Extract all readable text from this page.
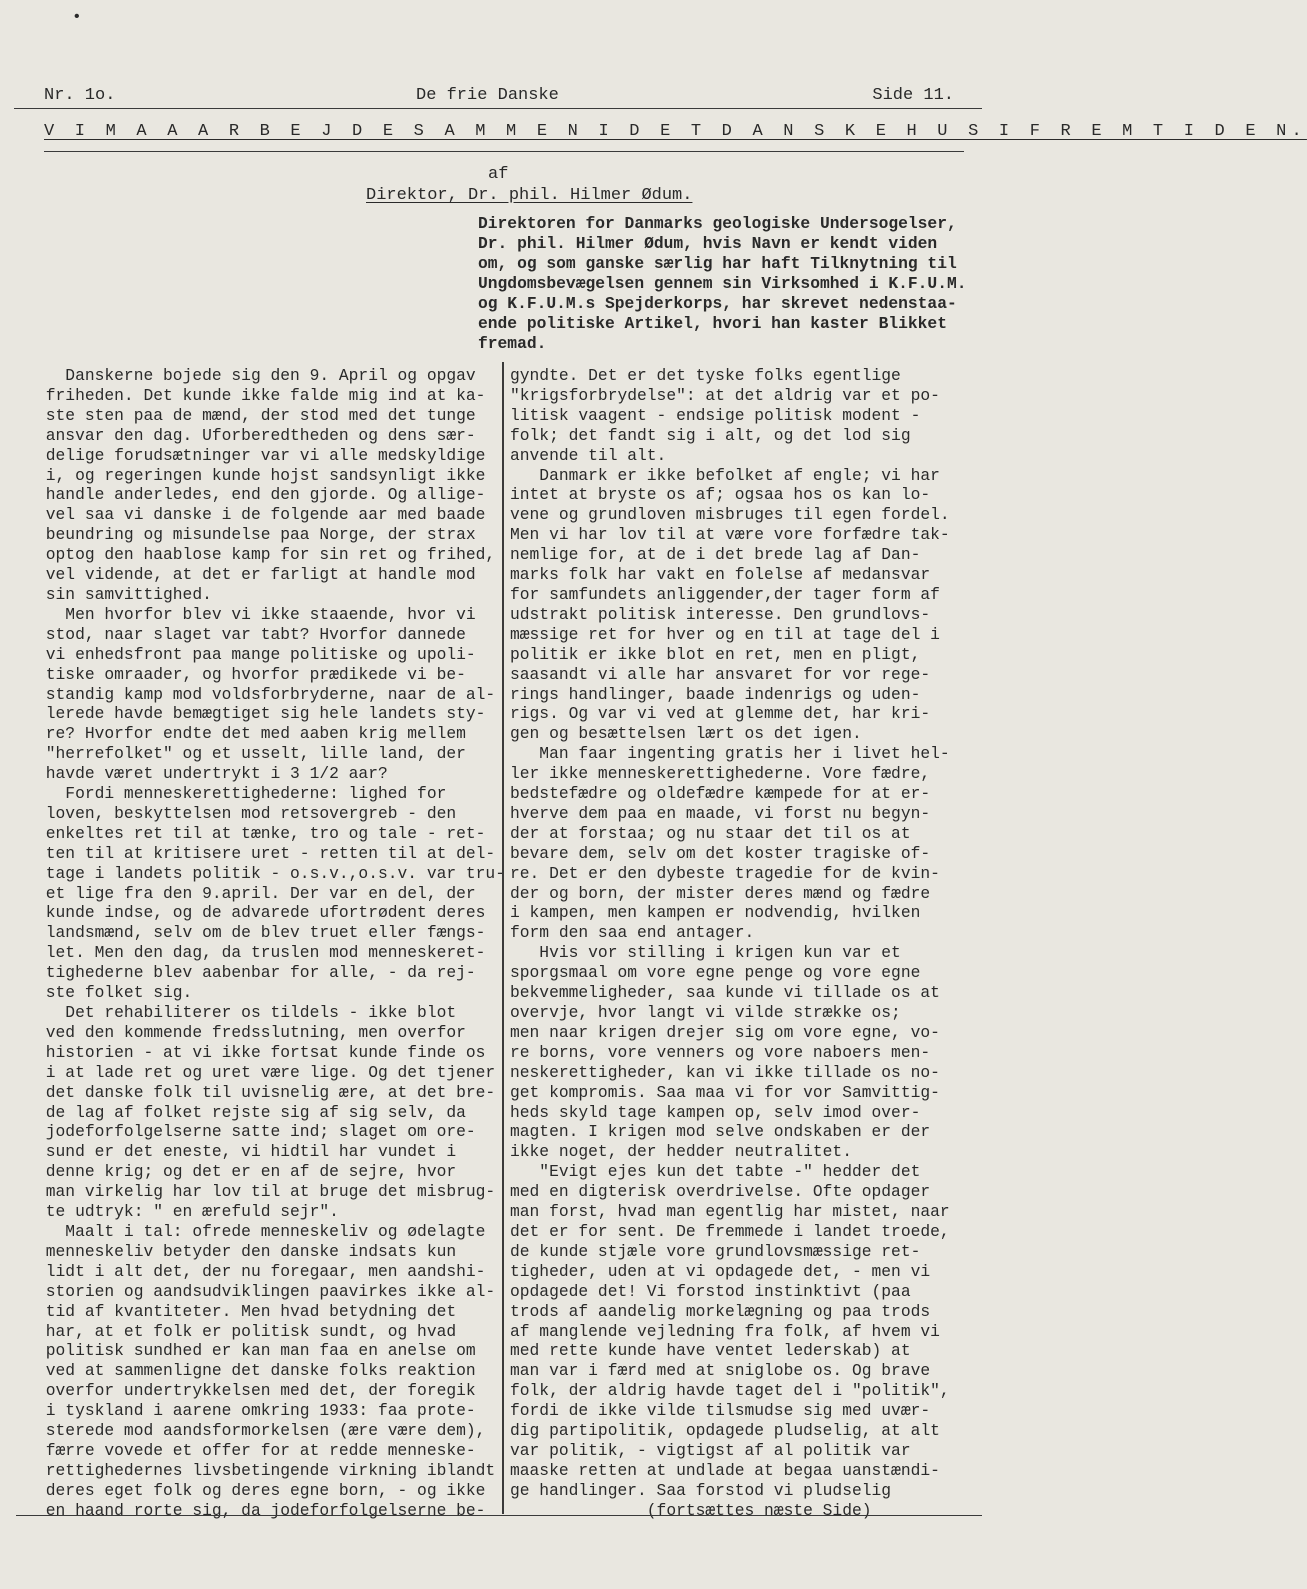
•
Nr. 1o.	De frie Danske	Side 11.
V I M A A A R B E J D E S A M M E N I D E T D A N S K E H U S I F R E M T I D E N.
af
Direktor, Dr. phil. Hilmer Ødum.
Direktoren for Danmarks geologiske Undersogelser,
Dr. phil. Hilmer Ødum, hvis Navn er kendt viden
om, og som ganske særlig har haft Tilknytning til
Ungdomsbevægelsen gennem sin Virksomhed i K.F.U.M.
og K.F.U.M.s Spejderkorps, har skrevet nedenstaa-
ende politiske Artikel, hvori han kaster Blikket
fremad.
Danskerne bojede sig den 9. April og opgav
friheden. Det kunde ikke falde mig ind at ka-
ste sten paa de mænd, der stod med det tunge
ansvar den dag. Uforberedtheden og dens sær-
delige forudsætninger var vi alle medskyldige
i, og regeringen kunde hojst sandsynligt ikke
handle anderledes, end den gjorde. Og allige-
vel saa vi danske i de folgende aar med baade
beundring og misundelse paa Norge, der strax
optog den haablose kamp for sin ret og frihed,
vel vidende, at det er farligt at handle mod
sin samvittighed.
Men hvorfor blev vi ikke staaende, hvor vi
stod, naar slaget var tabt? Hvorfor dannede
vi enhedsfront paa mange politiske og upoli-
tiske omraader, og hvorfor prædikede vi be-
standig kamp mod voldsforbryderne, naar de al-
lerede havde bemægtiget sig hele landets sty-
re? Hvorfor endte det med aaben krig mellem
"herrefolket" og et usselt, lille land, der
havde været undertrykt i 3 1/2 aar?
Fordi menneskerettighederne: lighed for
loven, beskyttelsen mod retsovergreb - den
enkeltes ret til at tænke, tro og tale - ret-
ten til at kritisere uret - retten til at del-
tage i landets politik - o.s.v.,o.s.v. var tru-
et lige fra den 9.april. Der var en del, der
kunde indse, og de advarede ufortrødent deres
landsmænd, selv om de blev truet eller fængs-
let. Men den dag, da truslen mod menneskeret-
tighederne blev aabenbar for alle, - da rej-
ste folket sig.
Det rehabiliterer os tildels - ikke blot
ved den kommende fredsslutning, men overfor
historien - at vi ikke fortsat kunde finde os
i at lade ret og uret være lige. Og det tjener
det danske folk til uvisnelig ære, at det bre-
de lag af folket rejste sig af sig selv, da
jodeforfolgelserne satte ind; slaget om ore-
sund er det eneste, vi hidtil har vundet i
denne krig; og det er en af de sejre, hvor
man virkelig har lov til at bruge det misbrug-
te udtryk: " en ærefuld sejr".
Maalt i tal: ofrede menneskeliv og ødelagte
menneskeliv betyder den danske indsats kun
lidt i alt det, der nu foregaar, men aandshi-
storien og aandsudviklingen paavirkes ikke al-
tid af kvantiteter. Men hvad betydning det
har, at et folk er politisk sundt, og hvad
politisk sundhed er kan man faa en anelse om
ved at sammenligne det danske folks reaktion
overfor undertrykkelsen med det, der foregik
i tyskland i aarene omkring 1933: faa prote-
sterede mod aandsformorkelsen (ære være dem),
færre vovede et offer for at redde menneske-
rettighedernes livsbetingende virkning iblandt
deres eget folk og deres egne born, - og ikke
en haand rorte sig, da jodeforfolgelserne be-
gyndte. Det er det tyske folks egentlige
"krigsforbrydelse": at det aldrig var et po-
litisk vaagent - endsige politisk modent -
folk; det fandt sig i alt, og det lod sig
anvende til alt.
Danmark er ikke befolket af engle; vi har
intet at bryste os af; ogsaa hos os kan lo-
vene og grundloven misbruges til egen fordel.
Men vi har lov til at være vore forfædre tak-
nemlige for, at de i det brede lag af Dan-
marks folk har vakt en folelse af medansvar
for samfundets anliggender,der tager form af
udstrakt politisk interesse. Den grundlovs-
mæssige ret for hver og en til at tage del i
politik er ikke blot en ret, men en pligt,
saasandt vi alle har ansvaret for vor rege-
rings handlinger, baade indenrigs og uden-
rigs. Og var vi ved at glemme det, har kri-
gen og besættelsen lært os det igen.
Man faar ingenting gratis her i livet hel-
ler ikke menneskerettighederne. Vore fædre,
bedstefædre og oldefædre kæmpede for at er-
hverve dem paa en maade, vi forst nu begyn-
der at forstaa; og nu staar det til os at
bevare dem, selv om det koster tragiske of-
re. Det er den dybeste tragedie for de kvin-
der og born, der mister deres mænd og fædre
i kampen, men kampen er nodvendig, hvilken
form den saa end antager.
Hvis vor stilling i krigen kun var et
sporgsmaal om vore egne penge og vore egne
bekvemmeligheder, saa kunde vi tillade os at
overvje, hvor langt vi vilde strække os;
men naar krigen drejer sig om vore egne, vo-
re borns, vore venners og vore naboers men-
neskerettigheder, kan vi ikke tillade os no-
get kompromis. Saa maa vi for vor Samvittig-
heds skyld tage kampen op, selv imod over-
magten. I krigen mod selve ondskaben er der
ikke noget, der hedder neutralitet.
"Evigt ejes kun det tabte -" hedder det
med en digterisk overdrivelse. Ofte opdager
man forst, hvad man egentlig har mistet, naar
det er for sent. De fremmede i landet troede,
de kunde stjæle vore grundlovsmæssige ret-
tigheder, uden at vi opdagede det, - men vi
opdagede det! Vi forstod instinktivt (paa
trods af aandelig morkelægning og paa trods
af manglende vejledning fra folk, af hvem vi
med rette kunde have ventet lederskab) at
man var i færd med at sniglobe os. Og brave
folk, der aldrig havde taget del i "politik",
fordi de ikke vilde tilsmudse sig med uvær-
dig partipolitik, opdagede pludselig, at alt
var politik, - vigtigst af al politik var
maaske retten at undlade at begaa uanstændi-
ge handlinger. Saa forstod vi pludselig
(fortsættes næste Side)
